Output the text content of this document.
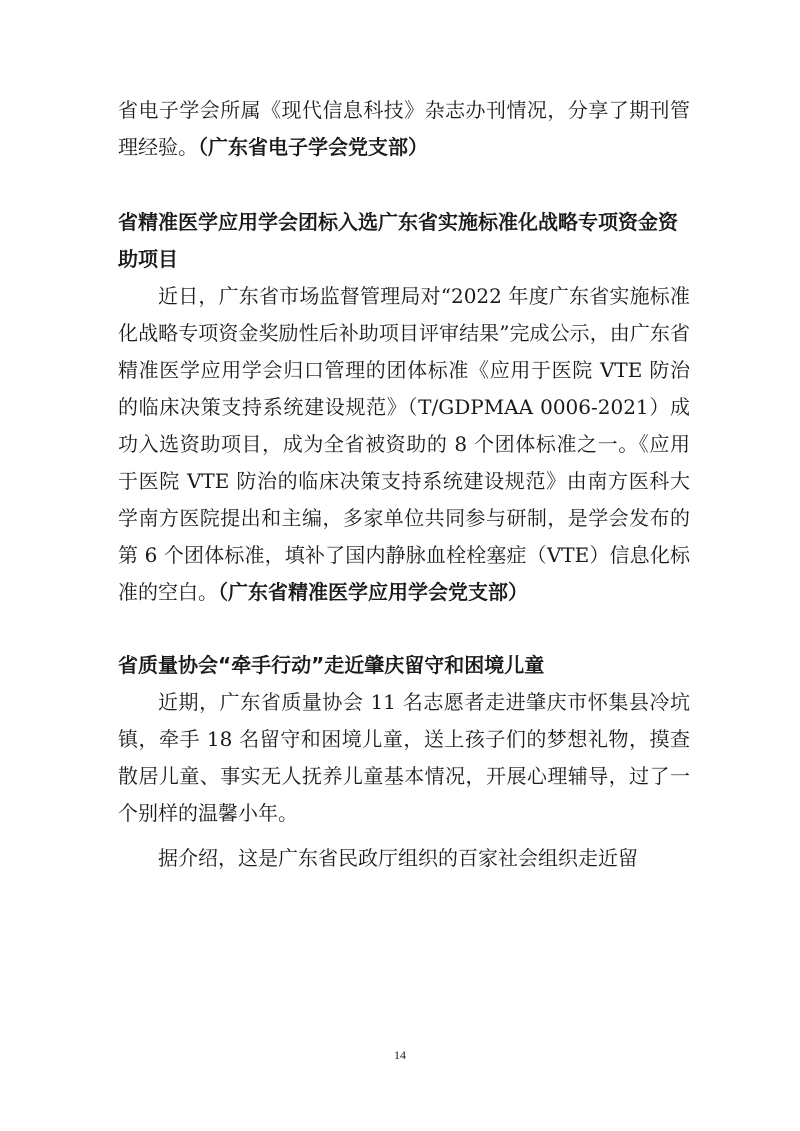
省电子学会所属《现代信息科技》杂志办刊情况，分享了期刊管理经验。（广东省电子学会党支部）

省精准医学应用学会团标入选广东省实施标准化战略专项资金资助项目

近日，广东省市场监督管理局对“2022 年度广东省实施标准化战略专项资金奖励性后补助项目评审结果”完成公示，由广东省精准医学应用学会归口管理的团体标准《应用于医院 VTE 防治的临床决策支持系统建设规范》（T/GDPMAA 0006-2021）成功入选资助项目，成为全省被资助的 8 个团体标准之一。《应用于医院 VTE 防治的临床决策支持系统建设规范》由南方医科大学南方医院提出和主编，多家单位共同参与研制，是学会发布的第 6 个团体标准，填补了国内静脉血栓栓塞症（VTE）信息化标准的空白。（广东省精准医学应用学会党支部）

省质量协会“牵手行动”走近肇庆留守和困境儿童

近期，广东省质量协会 11 名志愿者走进肇庆市怀集县冷坑镇，牵手 18 名留守和困境儿童，送上孩子们的梦想礼物，摸查散居儿童、事实无人抚养儿童基本情况，开展心理辅导，过了一个别样的温馨小年。

据介绍，这是广东省民政厅组织的百家社会组织走近留

14
